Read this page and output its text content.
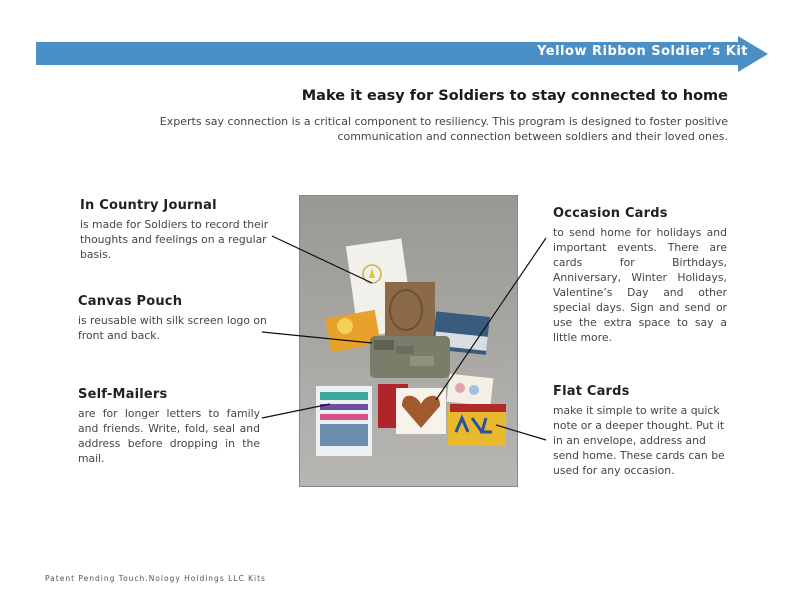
Yellow Ribbon Soldier’s Kit
Make it easy for Soldiers to stay connected to home
Experts say connection is a critical component to resiliency. This program is designed to foster positive communication and connection between soldiers and their loved ones.
In Country Journal
is made for Soldiers to record their thoughts and feelings on a regular basis.
Canvas Pouch
is reusable with silk screen logo on front and back.
Self-Mailers
are for longer letters to family and friends. Write, fold, seal and address before dropping in the mail.
Occasion Cards
to send home for holidays and important events. There are cards for Birthdays, Anniversary, Winter Holidays, Valentine’s Day and other special days. Sign and send or use the extra space to say a little more.
Flat Cards
make it simple to write a quick note or a deeper thought. Put it in an envelope, address and send home. These cards can be used for any occasion.
Patent Pending Touch.Nology Holdings LLC Kits
